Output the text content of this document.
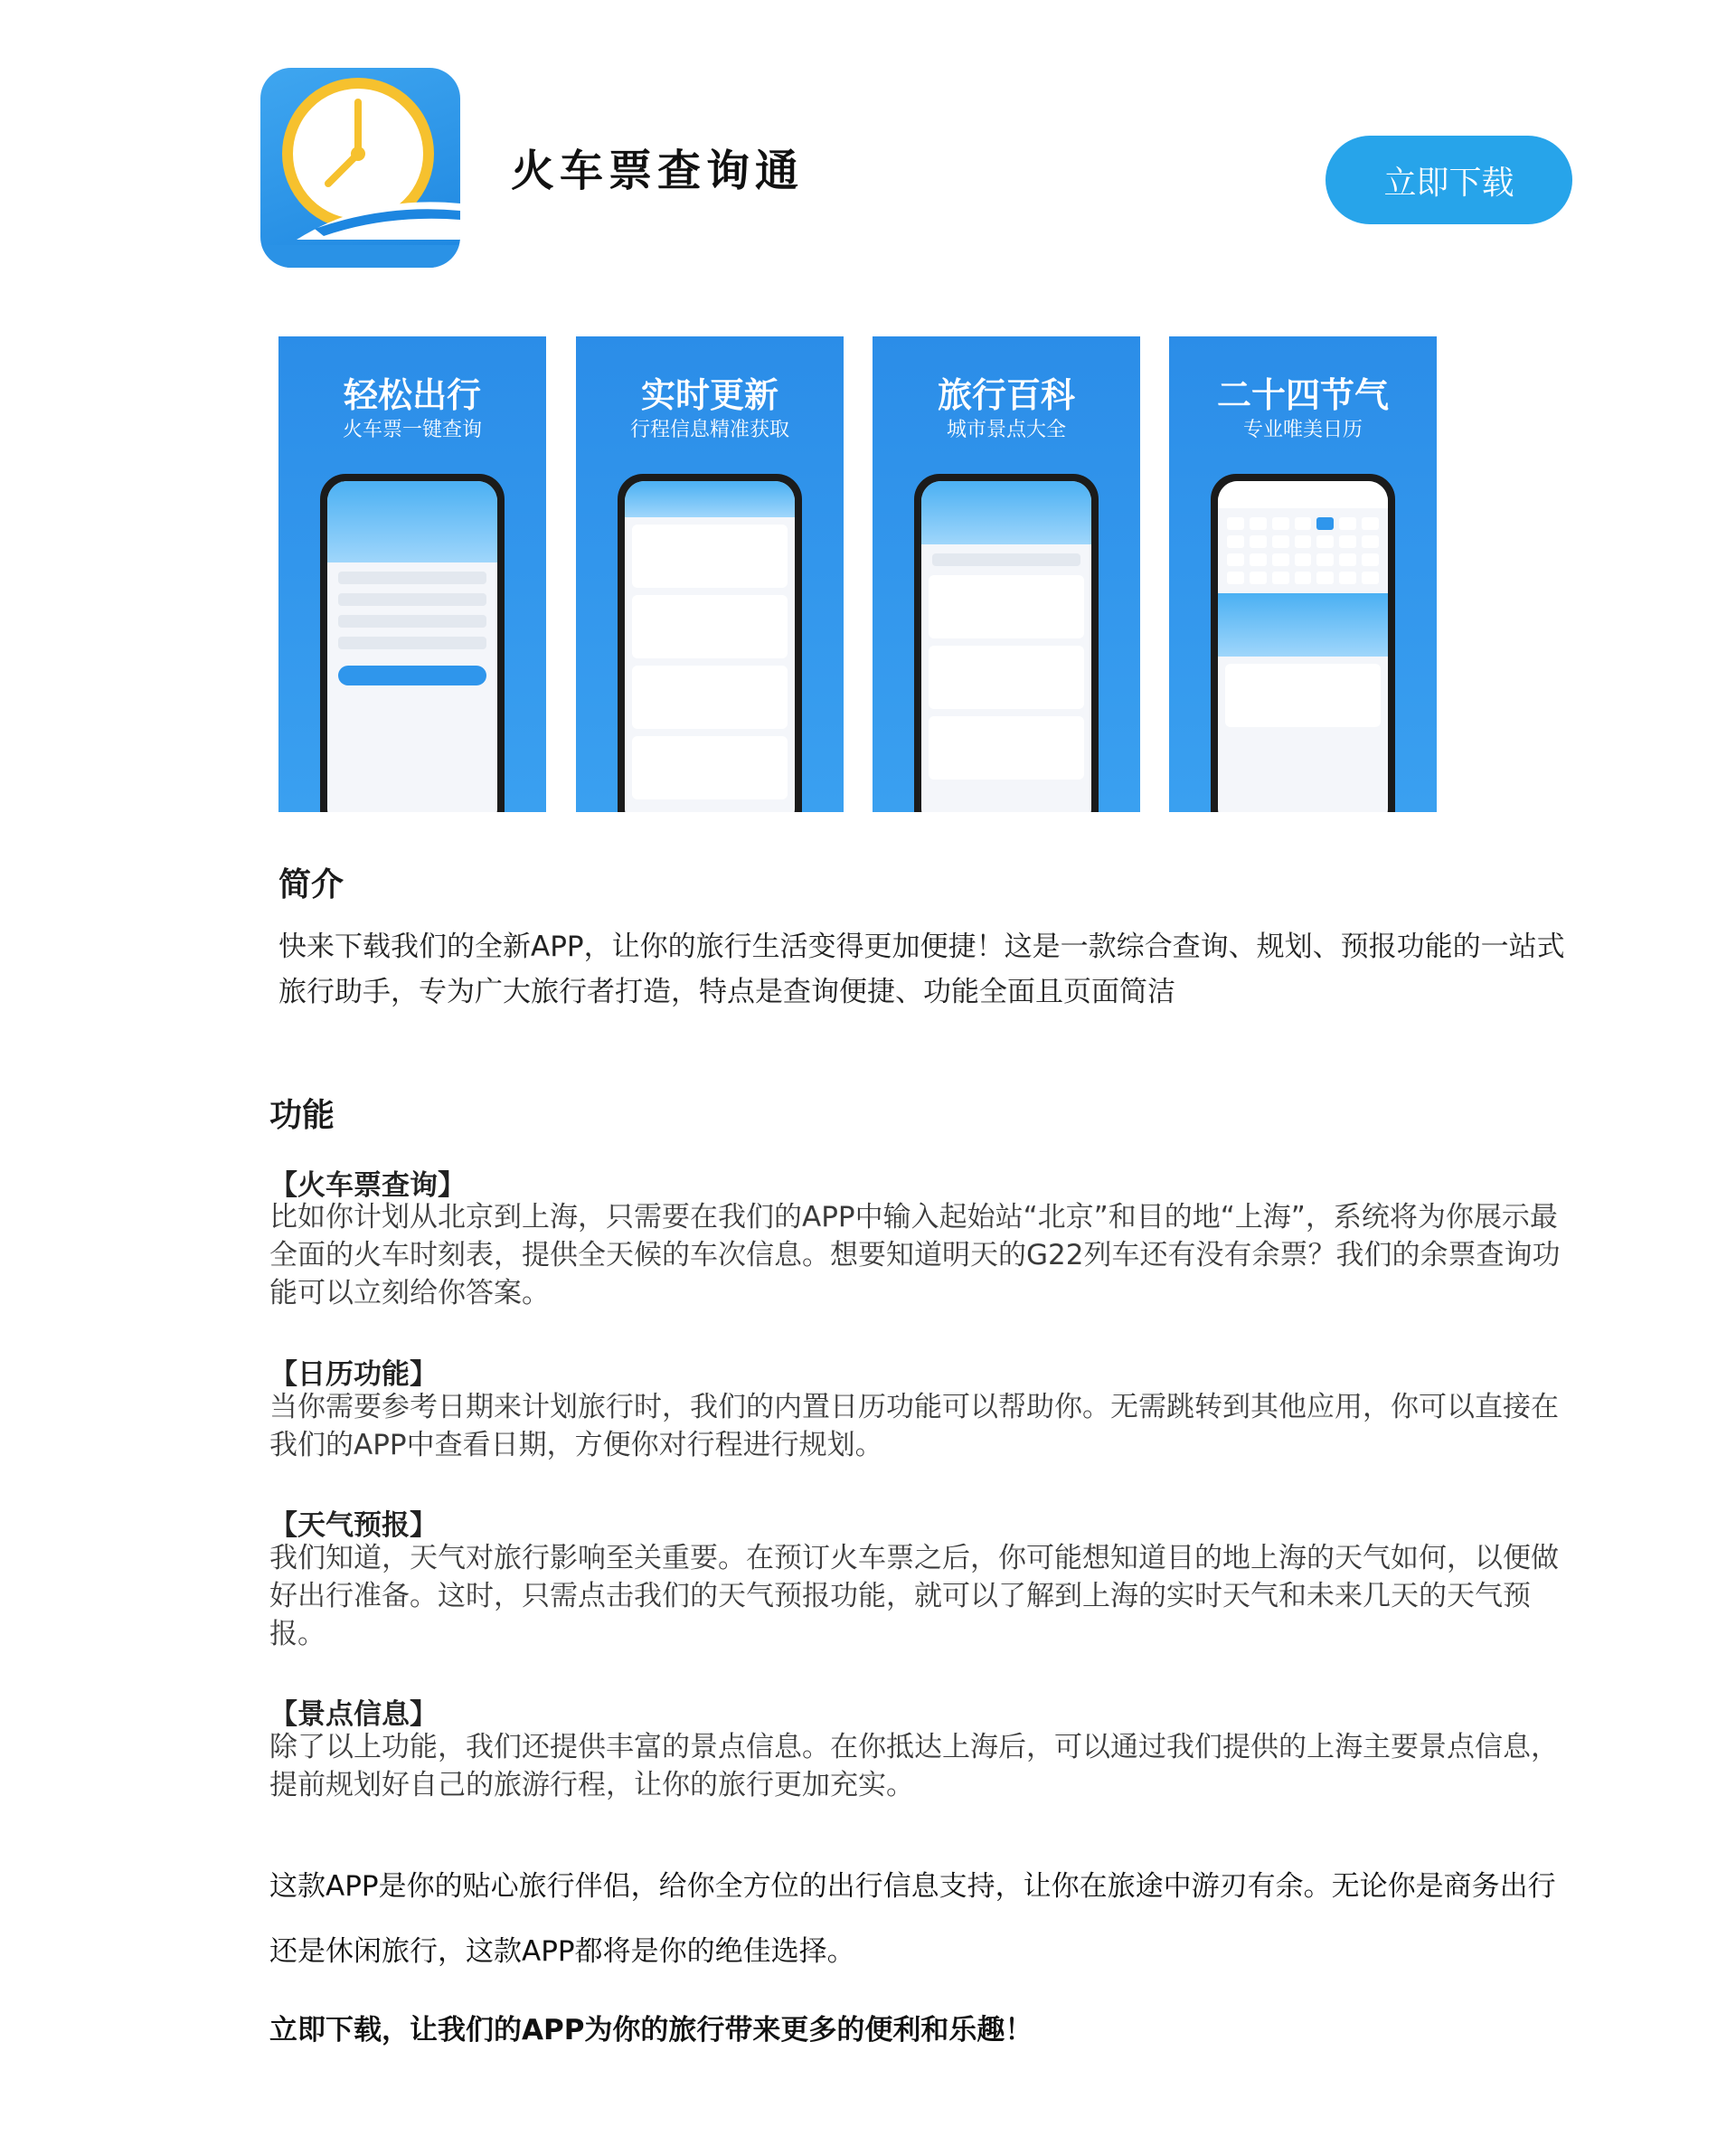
火车票查询通	立即下载
轻松出行
火车票一键查询
实时更新
行程信息精准获取
旅行百科
城市景点大全
二十四节气
专业唯美日历
简介
快来下载我们的全新APP，让你的旅行生活变得更加便捷！这是一款综合查询、规划、预报功能的一站式旅行助手，专为广大旅行者打造，特点是查询便捷、功能全面且页面简洁
功能
【火车票查询】
比如你计划从北京到上海，只需要在我们的APP中输入起始站“北京”和目的地“上海”，系统将为你展示最全面的火车时刻表，提供全天候的车次信息。想要知道明天的G22列车还有没有余票？我们的余票查询功能可以立刻给你答案。
【日历功能】
当你需要参考日期来计划旅行时，我们的内置日历功能可以帮助你。无需跳转到其他应用，你可以直接在我们的APP中查看日期，方便你对行程进行规划。
【天气预报】
我们知道，天气对旅行影响至关重要。在预订火车票之后，你可能想知道目的地上海的天气如何，以便做好出行准备。这时，只需点击我们的天气预报功能，就可以了解到上海的实时天气和未来几天的天气预报。
【景点信息】
除了以上功能，我们还提供丰富的景点信息。在你抵达上海后，可以通过我们提供的上海主要景点信息，提前规划好自己的旅游行程，让你的旅行更加充实。
这款APP是你的贴心旅行伴侣，给你全方位的出行信息支持，让你在旅途中游刃有余。无论你是商务出行还是休闲旅行，这款APP都将是你的绝佳选择。
立即下载，让我们的APP为你的旅行带来更多的便利和乐趣！
